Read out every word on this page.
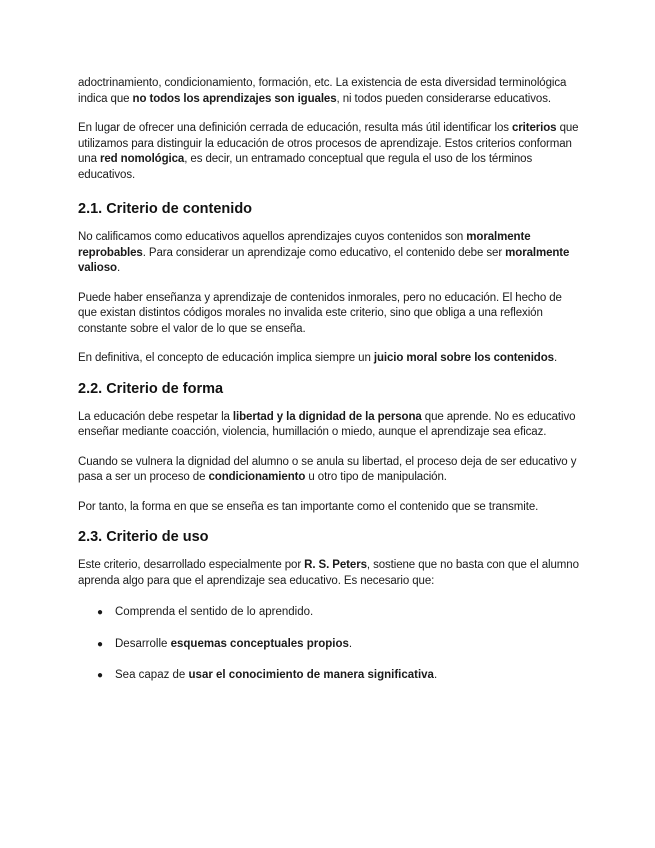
adoctrinamiento, condicionamiento, formación, etc. La existencia de esta diversidad terminológica indica que no todos los aprendizajes son iguales, ni todos pueden considerarse educativos.

En lugar de ofrecer una definición cerrada de educación, resulta más útil identificar los criterios que utilizamos para distinguir la educación de otros procesos de aprendizaje. Estos criterios conforman una red nomológica, es decir, un entramado conceptual que regula el uso de los términos educativos.

2.1. Criterio de contenido

No calificamos como educativos aquellos aprendizajes cuyos contenidos son moralmente reprobables. Para considerar un aprendizaje como educativo, el contenido debe ser moralmente valioso.

Puede haber enseñanza y aprendizaje de contenidos inmorales, pero no educación. El hecho de que existan distintos códigos morales no invalida este criterio, sino que obliga a una reflexión constante sobre el valor de lo que se enseña.

En definitiva, el concepto de educación implica siempre un juicio moral sobre los contenidos.

2.2. Criterio de forma

La educación debe respetar la libertad y la dignidad de la persona que aprende. No es educativo enseñar mediante coacción, violencia, humillación o miedo, aunque el aprendizaje sea eficaz.

Cuando se vulnera la dignidad del alumno o se anula su libertad, el proceso deja de ser educativo y pasa a ser un proceso de condicionamiento u otro tipo de manipulación.

Por tanto, la forma en que se enseña es tan importante como el contenido que se transmite.

2.3. Criterio de uso

Este criterio, desarrollado especialmente por R. S. Peters, sostiene que no basta con que el alumno aprenda algo para que el aprendizaje sea educativo. Es necesario que:

● Comprenda el sentido de lo aprendido.
● Desarrolle esquemas conceptuales propios.
● Sea capaz de usar el conocimiento de manera significativa.
